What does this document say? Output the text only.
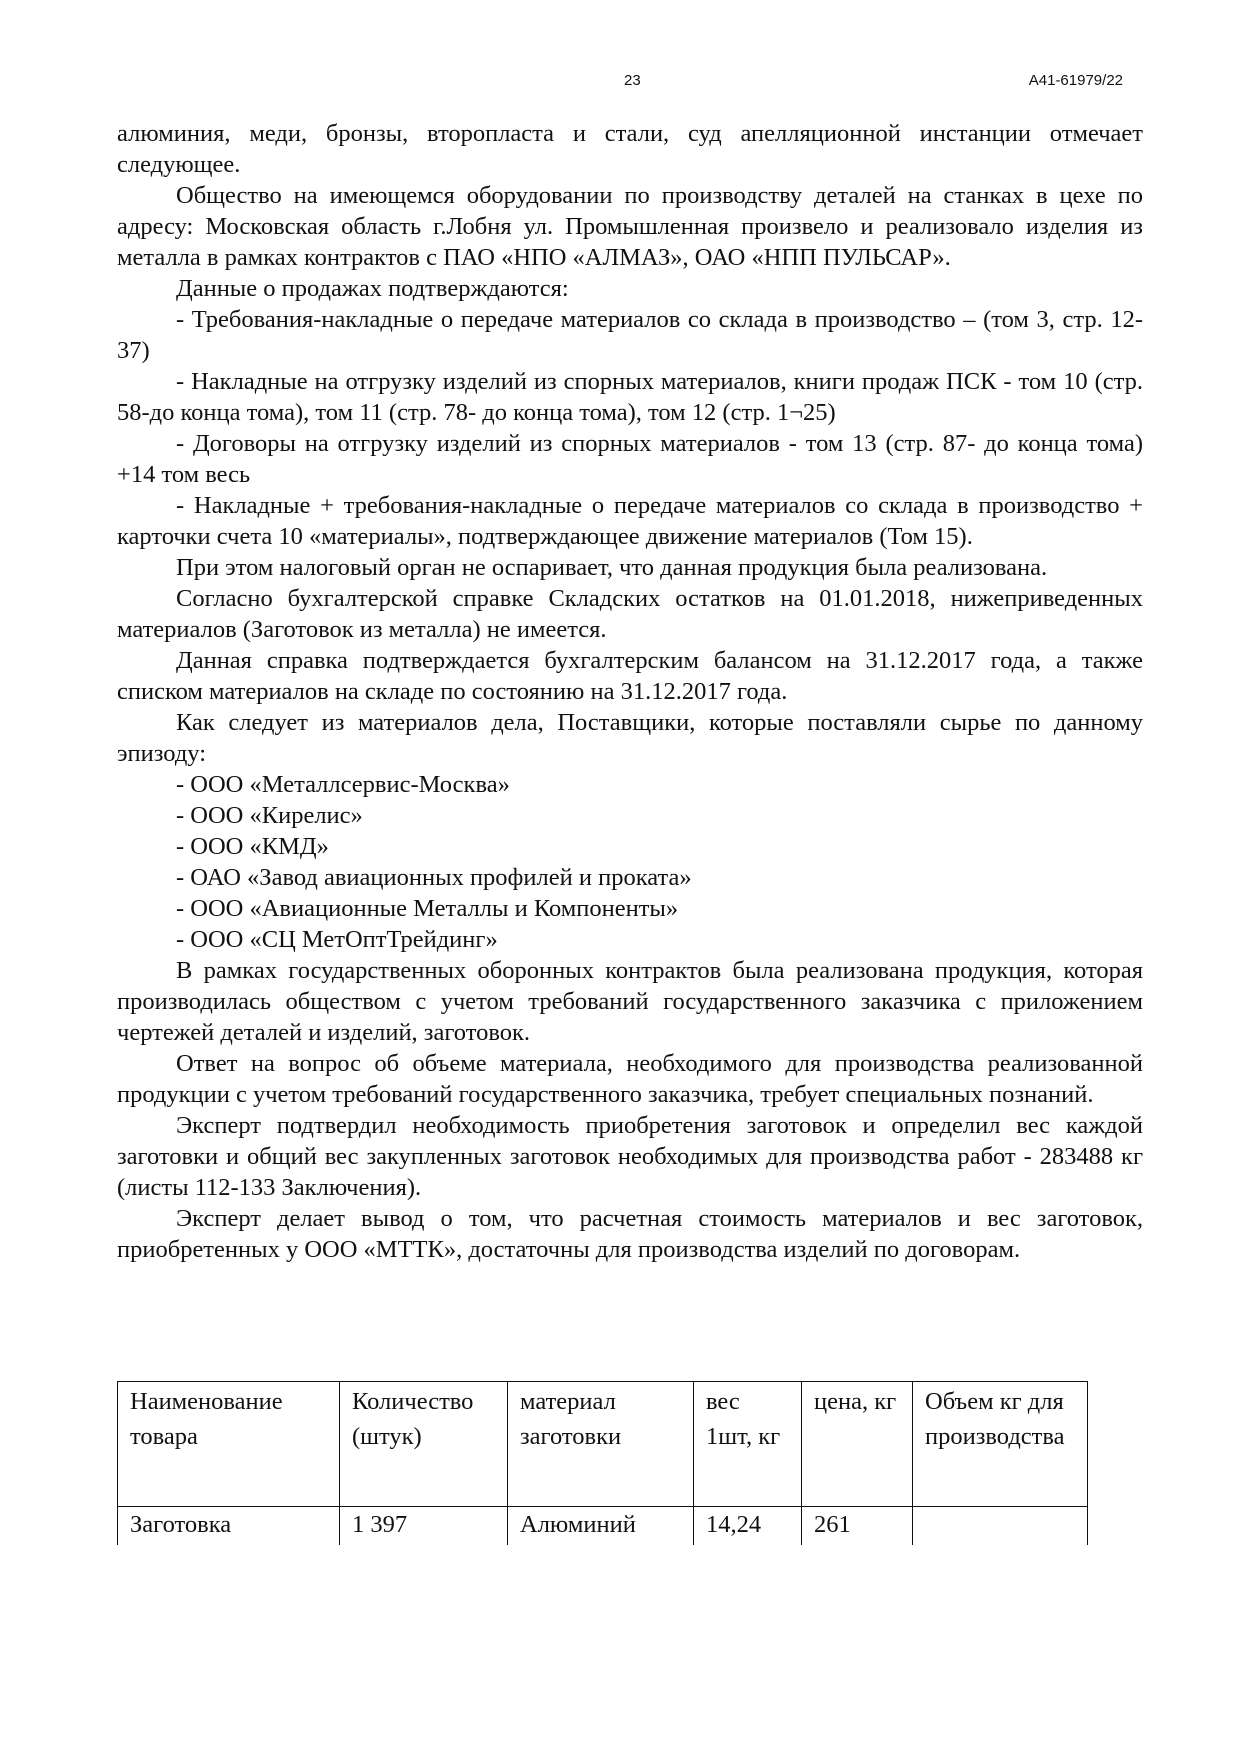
23	А41-61979/22

алюминия, меди, бронзы, второпласта и стали, суд апелляционной инстанции отмечает следующее.

Общество на имеющемся оборудовании по производству деталей на станках в цехе по адресу: Московская область г.Лобня ул. Промышленная произвело и реализовало изделия из металла в рамках контрактов с ПАО «НПО «АЛМАЗ», ОАО «НПП ПУЛЬСАР».

Данные о продажах подтверждаются:

- Требования-накладные о передаче материалов со склада в производство – (том 3, стр. 12-37)

- Накладные на отгрузку изделий из спорных материалов, книги продаж ПСК - том 10 (стр. 58-до конца тома), том 11 (стр. 78- до конца тома), том 12 (стр. 1¬25)

- Договоры на отгрузку изделий из спорных материалов - том 13 (стр. 87- до конца тома) +14 том весь

- Накладные + требования-накладные о передаче материалов со склада в производство + карточки счета 10 «материалы», подтверждающее движение материалов (Том 15).

При этом налоговый орган не оспаривает, что данная продукция была реализована.

Согласно бухгалтерской справке Складских остатков на 01.01.2018, нижеприведенных материалов (Заготовок из металла) не имеется.

Данная справка подтверждается бухгалтерским балансом на 31.12.2017 года, а также списком материалов на складе по состоянию на 31.12.2017 года.

Как следует из материалов дела, Поставщики, которые поставляли сырье по данному эпизоду:

- ООО «Металлсервис-Москва»

- ООО «Кирелис»

- ООО «КМД»

- ОАО «Завод авиационных профилей и проката»

- ООО «Авиационные Металлы и Компоненты»

- ООО «СЦ МетОптТрейдинг»

В рамках государственных оборонных контрактов была реализована продукция, которая производилась обществом с учетом требований государственного заказчика с приложением чертежей деталей и изделий, заготовок.

Ответ на вопрос об объеме материала, необходимого для производства реализованной продукции с учетом требований государственного заказчика, требует специальных познаний.

Эксперт подтвердил необходимость приобретения заготовок и определил вес каждой заготовки и общий вес закупленных заготовок необходимых для производства работ - 283488 кг (листы 112-133 Заключения).

Эксперт делает вывод о том, что расчетная стоимость материалов и вес заготовок, приобретенных у ООО «МТТК», достаточны для производства изделий по договорам.

Наименование товара	Количество (штук)	материал заготовки	вес 1шт, кг	цена, кг	Объем кг для производства
Заготовка	1 397	Алюминий	14,24	261	
